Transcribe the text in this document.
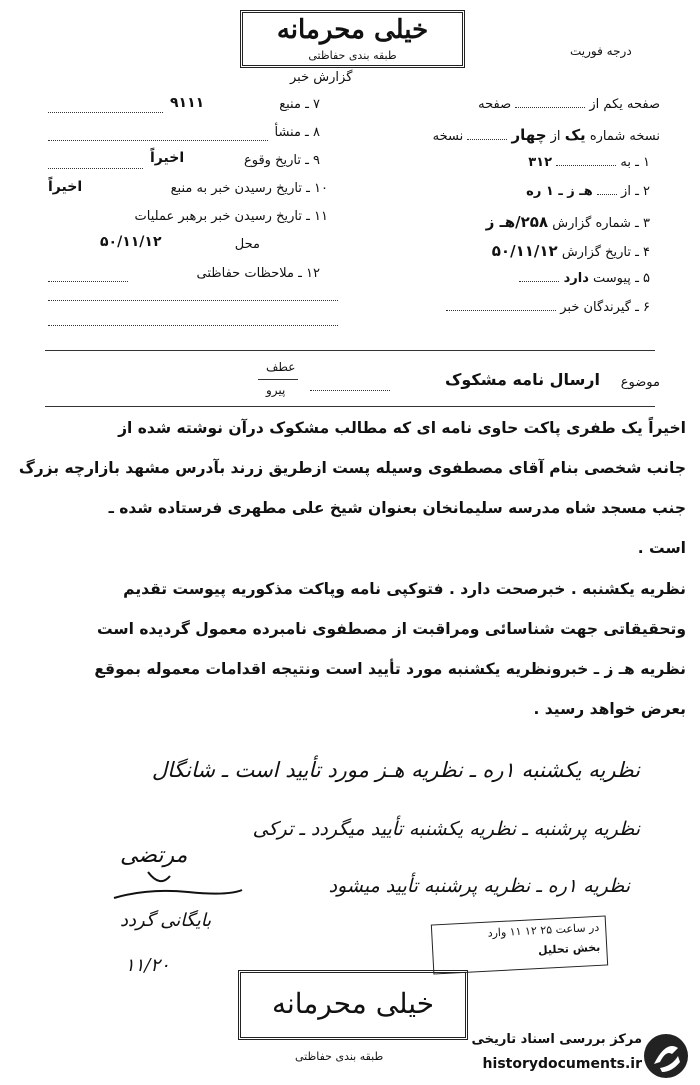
خیلی محرمانه
طبقه بندی حفاظتی
گزارش خبر
درجه فوریت
۷ ـ منبع
۹۱۱۱
۸ ـ منشأ
۹ ـ تاریخ وقوع
اخیراً
۱۰ ـ تاریخ رسیدن خبر به منبع
اخیراً
۱۱ ـ تاریخ رسیدن خبر برهبر عملیات
محل
۵۰/۱۱/۱۲
۱۲ ـ ملاحظات حفاظتی
صفحه یکم از  صفحه
نسخه شماره یک از چهار  نسخه
۱ ـ به  ۳۱۲
۲ ـ از  هـ ز ـ ۱ ره
۳ ـ شماره گزارش ۲۵۸/هـ ز
۴ ـ تاریخ گزارش ۵۰/۱۱/۱۲
۵ ـ پیوست دارد
۶ ـ گیرندگان خبر
موضوع
ارسال نامه مشکوک
عطف
پیرو
اخیراً یک طفری پاکت حاوی نامه ای که مطالب مشکوک درآن نوشته شده از
جانب شخصی بنام آقای مصطفوی وسیله پست ازطریق زرند بآدرس مشهد بازارچه بزرگ
جنب مسجد شاه مدرسه سلیمانخان بعنوان شیخ علی مطهری فرستاده شده ـ
است .
نظریه یکشنبه . خبرصحت دارد . فتوکپی نامه وپاکت مذکوریه پیوست تقدیم
وتحقیقاتی جهت شناسائی ومراقبت از مصطفوی نامبرده معمول گردیده است
نظریه هـ ز ـ خبرونظریه یکشنبه مورد تأیید است ونتیجه اقدامات معموله بموقع
بعرض خواهد رسید .
نظریه یکشنبه ۱ره ـ نظریه هـز مورد تأیید است ـ شانگال
نظریه پرشنبه ـ نظریه یکشنبه تأیید میگردد ـ ترکی
نظریه ۱ره ـ نظریه پرشنبه تأیید میشود
مرتضی
بایگانی گردد
۱۱/۲۰
در ساعت ۲۵ ۱۲ ۱۱ وارد
بخش تحلیل
خیلی محرمانه
طبقه بندی حفاظتی
مرکز بررسی اسناد تاریخی
historydocuments.ir
